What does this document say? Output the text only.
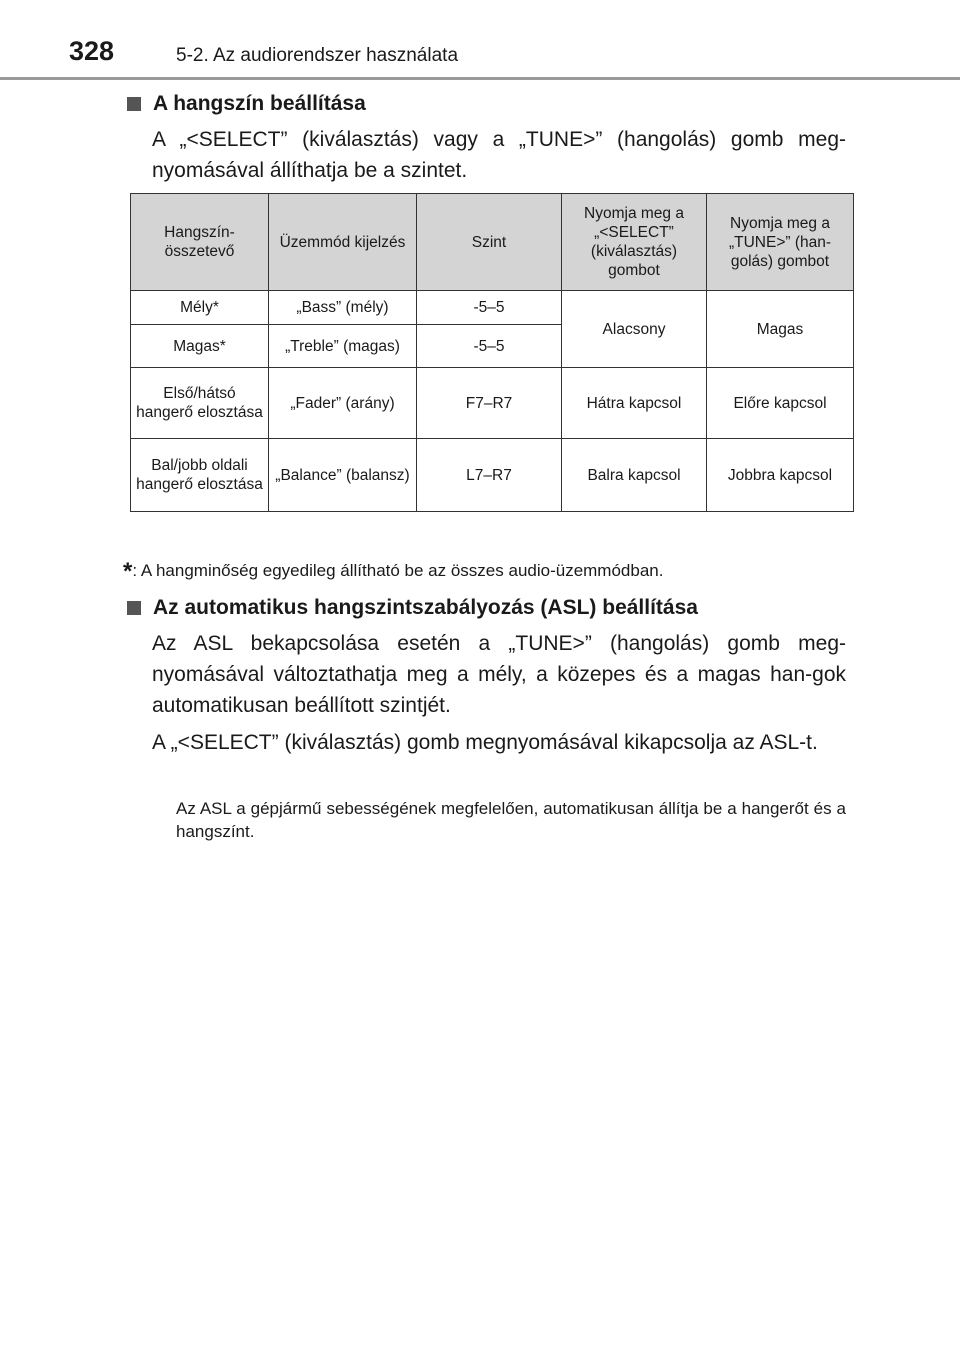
328	5-2. Az audiorendszer használata
A hangszín beállítása
A „<SELECT” (kiválasztás) vagy a „TUNE>” (hangolás) gomb meg-nyomásával állíthatja be a szintet.
Hangszín-összetevő	Üzemmód kijelzés	Szint	Nyomja meg a „<SELECT” (kiválasztás) gombot	Nyomja meg a „TUNE>” (han-golás) gombot
Mély*	„Bass” (mély)	-5–5	Alacsony	Magas
Magas*	„Treble” (magas)	-5–5		
Első/hátsó hangerő elosztása	„Fader” (arány)	F7–R7	Hátra kapcsol	Előre kapcsol
Bal/jobb oldali hangerő elosztása	„Balance” (balansz)	L7–R7	Balra kapcsol	Jobbra kapcsol
*: A hangminőség egyedileg állítható be az összes audio-üzemmódban.
Az automatikus hangszintszabályozás (ASL) beállítása
Az ASL bekapcsolása esetén a „TUNE>” (hangolás) gomb meg-nyomásával változtathatja meg a mély, a közepes és a magas han-gok automatikusan beállított szintjét.
A „<SELECT” (kiválasztás) gomb megnyomásával kikapcsolja az ASL-t.
Az ASL a gépjármű sebességének megfelelően, automatikusan állítja be a hangerőt és a hangszínt.
